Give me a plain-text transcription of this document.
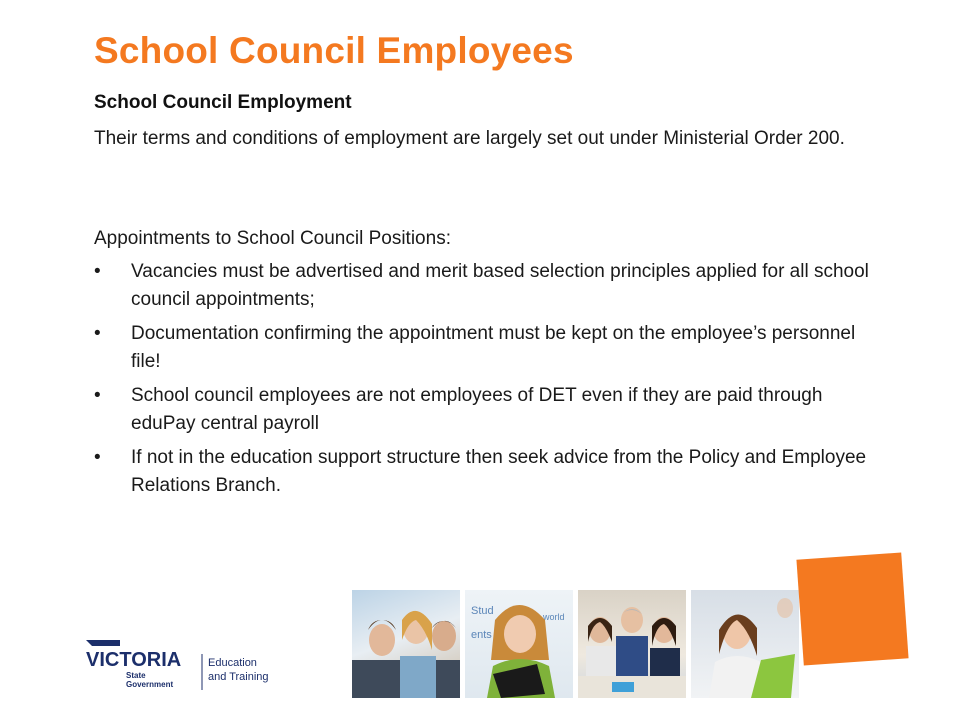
School Council Employees
School Council Employment
Their terms and conditions of employment are largely set out under Ministerial Order 200.
Appointments to School Council Positions:
• Vacancies must be advertised and merit based selection principles applied for all school council appointments;
• Documentation confirming the appointment must be kept on the employee’s personnel file!
• School council employees are not employees of DET even if they are paid through eduPay central payroll
• If not in the education support structure then seek advice from the Policy and Employee Relations Branch.
VICTORIA
State
Government
Education
and Training
Stud
ents
world
